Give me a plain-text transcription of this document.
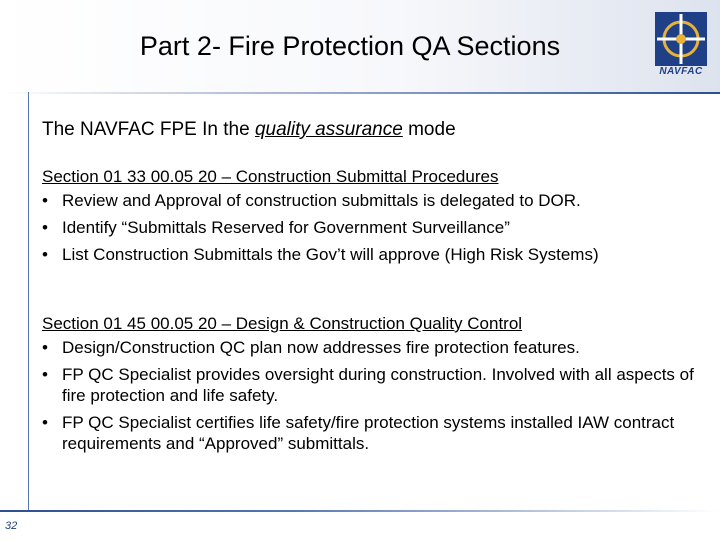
Part 2- Fire Protection QA Sections
NAVFAC
The NAVFAC FPE In the quality assurance mode
Section 01 33 00.05 20 – Construction Submittal Procedures
• Review and Approval of construction submittals is delegated to DOR.
• Identify “Submittals Reserved for Government Surveillance”
• List Construction Submittals the Gov’t will approve (High Risk Systems)
Section 01 45 00.05 20 – Design & Construction Quality Control
• Design/Construction QC plan now addresses fire protection features.
• FP QC Specialist provides oversight during construction. Involved with all aspects of fire protection and life safety.
• FP QC Specialist certifies life safety/fire protection systems installed IAW contract requirements and “Approved” submittals.
32
